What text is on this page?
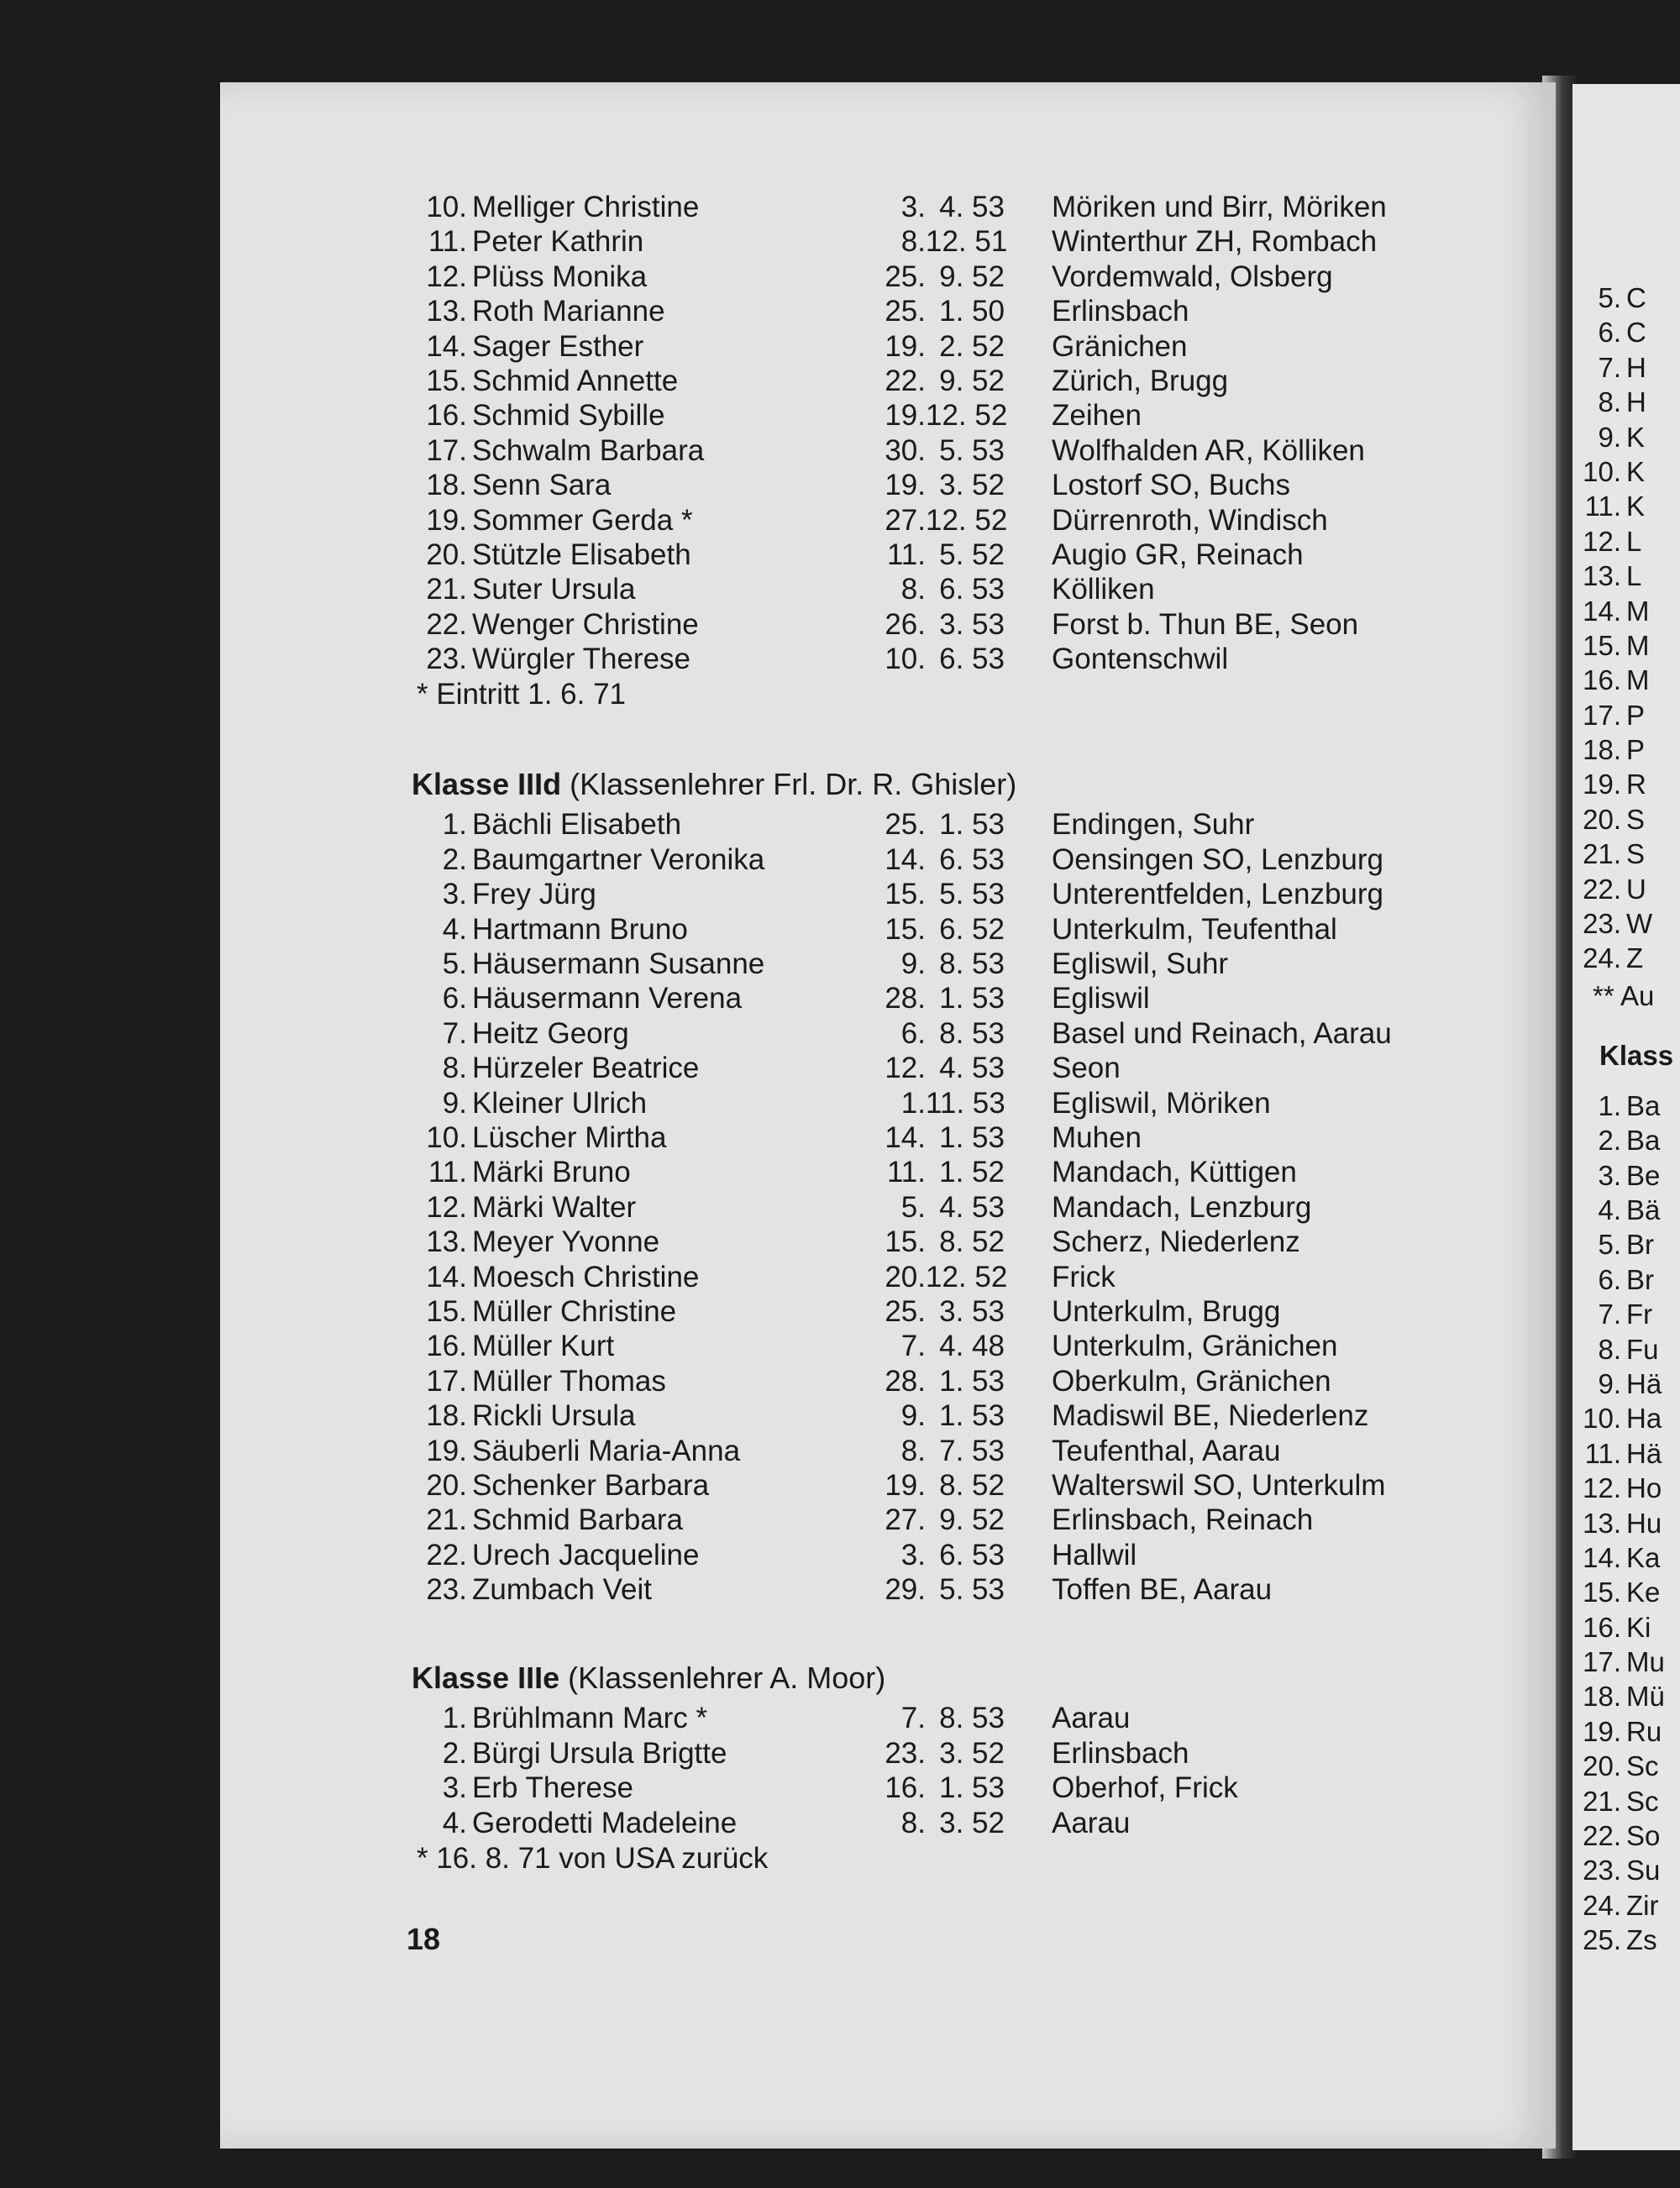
10. Melliger Christine	3. 4. 53 Möriken und Birr, Möriken
11. Peter Kathrin	8. 12. 51 Winterthur ZH, Rombach
12. Plüss Monika	25. 9. 52 Vordemwald, Olsberg
13. Roth Marianne	25. 1. 50 Erlinsbach
14. Sager Esther	19. 2. 52 Gränichen
15. Schmid Annette	22. 9. 52 Zürich, Brugg
16. Schmid Sybille	19. 12. 52 Zeihen
17. Schwalm Barbara	30. 5. 53 Wolfhalden AR, Kölliken
18. Senn Sara	19. 3. 52 Lostorf SO, Buchs
19. Sommer Gerda *	27. 12. 52 Dürrenroth, Windisch
20. Stützle Elisabeth	11. 5. 52 Augio GR, Reinach
21. Suter Ursula	8. 6. 53 Kölliken
22. Wenger Christine	26. 3. 53 Forst b. Thun BE, Seon
23. Würgler Therese	10. 6. 53 Gontenschwil
* Eintritt 1. 6. 71
Klasse IIId (Klassenlehrer Frl. Dr. R. Ghisler)
1. Bächli Elisabeth	25. 1. 53 Endingen, Suhr
2. Baumgartner Veronika	14. 6. 53 Oensingen SO, Lenzburg
3. Frey Jürg	15. 5. 53 Unterentfelden, Lenzburg
4. Hartmann Bruno	15. 6. 52 Unterkulm, Teufenthal
5. Häusermann Susanne	9. 8. 53 Egliswil, Suhr
6. Häusermann Verena	28. 1. 53 Egliswil
7. Heitz Georg	6. 8. 53 Basel und Reinach, Aarau
8. Hürzeler Beatrice	12. 4. 53 Seon
9. Kleiner Ulrich	1. 11. 53 Egliswil, Möriken
10. Lüscher Mirtha	14. 1. 53 Muhen
11. Märki Bruno	11. 1. 52 Mandach, Küttigen
12. Märki Walter	5. 4. 53 Mandach, Lenzburg
13. Meyer Yvonne	15. 8. 52 Scherz, Niederlenz
14. Moesch Christine	20. 12. 52 Frick
15. Müller Christine	25. 3. 53 Unterkulm, Brugg
16. Müller Kurt	7. 4. 48 Unterkulm, Gränichen
17. Müller Thomas	28. 1. 53 Oberkulm, Gränichen
18. Rickli Ursula	9. 1. 53 Madiswil BE, Niederlenz
19. Säuberli Maria-Anna	8. 7. 53 Teufenthal, Aarau
20. Schenker Barbara	19. 8. 52 Walterswil SO, Unterkulm
21. Schmid Barbara	27. 9. 52 Erlinsbach, Reinach
22. Urech Jacqueline	3. 6. 53 Hallwil
23. Zumbach Veit	29. 5. 53 Toffen BE, Aarau
Klasse IIIe (Klassenlehrer A. Moor)
1. Brühlmann Marc *	7. 8. 53 Aarau
2. Bürgi Ursula Brigtte	23. 3. 52 Erlinsbach
3. Erb Therese	16. 1. 53 Oberhof, Frick
4. Gerodetti Madeleine	8. 3. 52 Aarau
* 16. 8. 71 von USA zurück
18
5. C
6. C
7. H
8. H
9. K
10. K
11. K
12. L
13. L
14. M
15. M
16. M
17. P
18. P
19. R
20. S
21. S
22. U
23. W
24. Z
** Au
Klass
1. Ba
2. Ba
3. Be
4. Bä
5. Br
6. Br
7. Fr
8. Fu
9. Hä
10. Ha
11. Hä
12. Ho
13. Hu
14. Ka
15. Ke
16. Ki
17. Mu
18. Mü
19. Ru
20. Sc
21. Sc
22. So
23. Su
24. Zir
25. Zs
